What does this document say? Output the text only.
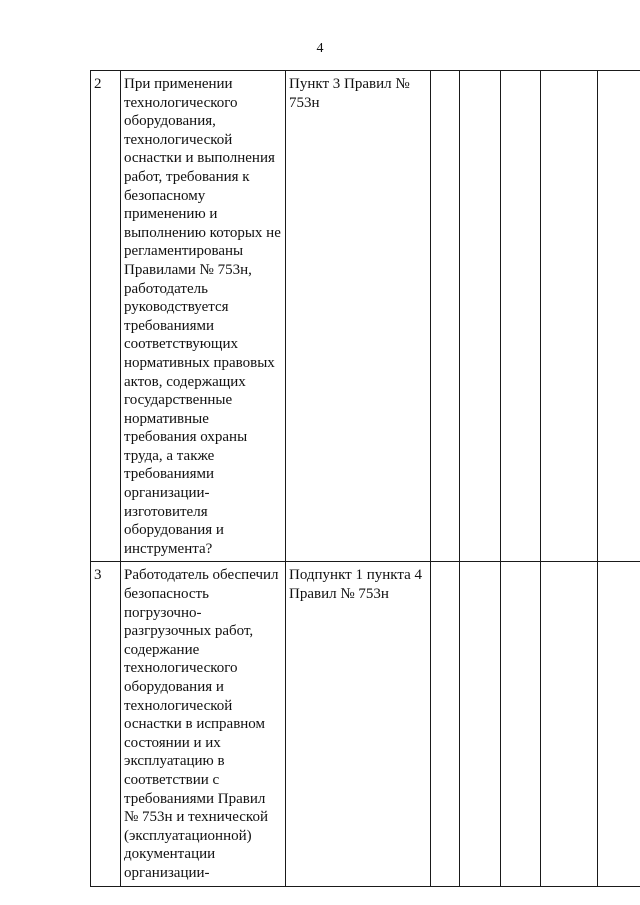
4
2	При применении технологического оборудования, технологической оснастки и выполнения работ, требования к безопасному применению и выполнению которых не регламентированы Правилами № 753н, работодатель руководствуется требованиями соответствующих нормативных правовых актов, содержащих государственные нормативные требования охраны труда, а также требованиями организации-изготовителя оборудования и инструмента?	Пункт 3 Правил № 753н					
3	Работодатель обеспечил безопасность погрузочно-разгрузочных работ, содержание технологического оборудования и технологической оснастки в исправном состоянии и их эксплуатацию в соответствии с требованиями Правил № 753н и технической (эксплуатационной) документации организации-	Подпункт 1 пункта 4 Правил № 753н					
